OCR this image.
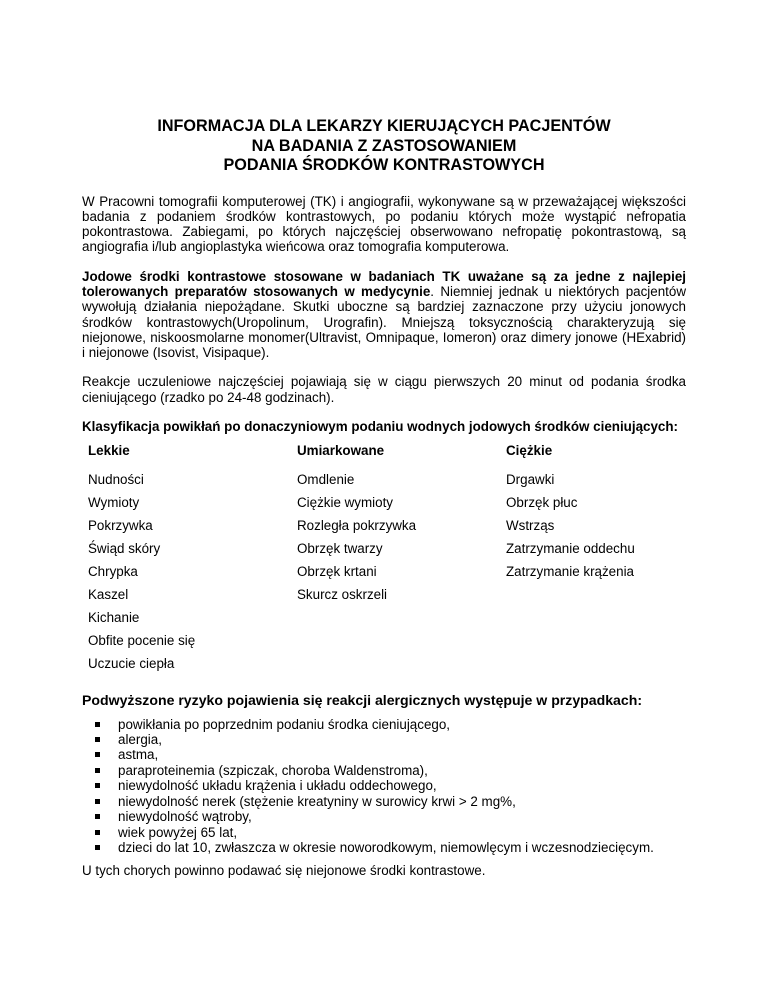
INFORMACJA DLA LEKARZY KIERUJĄCYCH PACJENTÓW
NA BADANIA Z ZASTOSOWANIEM
PODANIA ŚRODKÓW KONTRASTOWYCH

W Pracowni tomografii komputerowej (TK) i angiografii, wykonywane są w przeważającej większości badania z podaniem środków kontrastowych, po podaniu których może wystąpić nefropatia pokontrastowa. Zabiegami, po których najczęściej obserwowano nefropatię pokontrastową, są angiografia i/lub angioplastyka wieńcowa oraz tomografia komputerowa.

Jodowe środki kontrastowe stosowane w badaniach TK uważane są za jedne z najlepiej tolerowanych preparatów stosowanych w medycynie. Niemniej jednak u niektórych pacjentów wywołują działania niepożądane. Skutki uboczne są bardziej zaznaczone przy użyciu jonowych środków kontrastowych(Uropolinum, Urografin). Mniejszą toksycznością charakteryzują się niejonowe, niskoosmolarne monomer(Ultravist, Omnipaque, Iomeron) oraz dimery jonowe (HExabrid) i niejonowe (Isovist, Visipaque).

Reakcje uczuleniowe najczęściej pojawiają się w ciągu pierwszych 20 minut od podania środka cieniującego (rzadko po 24-48 godzinach).

Klasyfikacja powikłań po donaczyniowym podaniu wodnych jodowych środków cieniujących:

Lekkie	Umiarkowane	Ciężkie
Nudności	Omdlenie	Drgawki
Wymioty	Ciężkie wymioty	Obrzęk płuc
Pokrzywka	Rozległa pokrzywka	Wstrząs
Świąd skóry	Obrzęk twarzy	Zatrzymanie oddechu
Chrypka	Obrzęk krtani	Zatrzymanie krążenia
Kaszel	Skurcz oskrzeli	
Kichanie		
Obfite pocenie się		
Uczucie ciepła		
Podwyższone ryzyko pojawienia się reakcji alergicznych występuje w przypadkach:
powikłania po poprzednim podaniu środka cieniującego,
alergia,
astma,
paraproteinemia (szpiczak, choroba Waldenstroma),
niewydolność układu krążenia i układu oddechowego,
niewydolność nerek (stężenie kreatyniny w surowicy krwi > 2 mg%,
niewydolność wątroby,
wiek powyżej 65 lat,
dzieci do lat 10, zwłaszcza w okresie noworodkowym, niemowlęcym i wczesnodziecięcym.

U tych chorych powinno podawać się niejonowe środki kontrastowe.
